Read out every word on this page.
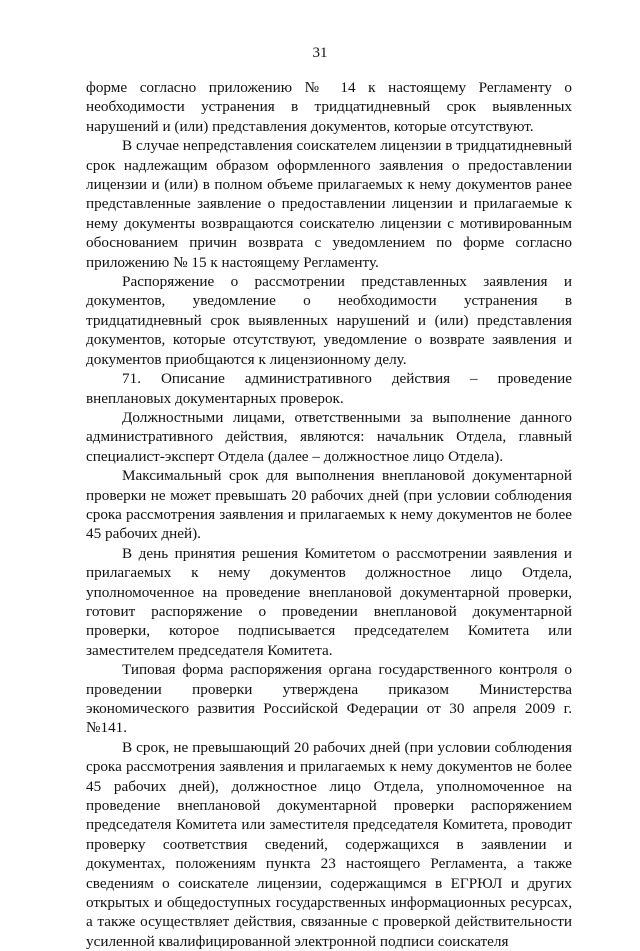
31

форме согласно приложению № 14 к настоящему Регламенту о необходимости устранения в тридцатидневный срок выявленных нарушений и (или) представления документов, которые отсутствуют.

В случае непредставления соискателем лицензии в тридцатидневный срок надлежащим образом оформленного заявления о предоставлении лицензии и (или) в полном объеме прилагаемых к нему документов ранее представленные заявление о предоставлении лицензии и прилагаемые к нему документы возвращаются соискателю лицензии с мотивированным обоснованием причин возврата с уведомлением по форме согласно приложению № 15 к настоящему Регламенту.

Распоряжение о рассмотрении представленных заявления и документов, уведомление о необходимости устранения в тридцатидневный срок выявленных нарушений и (или) представления документов, которые отсутствуют, уведомление о возврате заявления и документов приобщаются к лицензионному делу.

71. Описание административного действия – проведение внеплановых документарных проверок.

Должностными лицами, ответственными за выполнение данного административного действия, являются: начальник Отдела, главный специалист-эксперт Отдела (далее – должностное лицо Отдела).

Максимальный срок для выполнения внеплановой документарной проверки не может превышать 20 рабочих дней (при условии соблюдения срока рассмотрения заявления и прилагаемых к нему документов не более 45 рабочих дней).

В день принятия решения Комитетом о рассмотрении заявления и прилагаемых к нему документов должностное лицо Отдела, уполномоченное на проведение внеплановой документарной проверки, готовит распоряжение о проведении внеплановой документарной проверки, которое подписывается председателем Комитета или заместителем председателя Комитета.

Типовая форма распоряжения органа государственного контроля о проведении проверки утверждена приказом Министерства экономического развития Российской Федерации от 30 апреля 2009 г. №141.

В срок, не превышающий 20 рабочих дней (при условии соблюдения срока рассмотрения заявления и прилагаемых к нему документов не более 45 рабочих дней), должностное лицо Отдела, уполномоченное на проведение внеплановой документарной проверки распоряжением председателя Комитета или заместителя председателя Комитета, проводит проверку соответствия сведений, содержащихся в заявлении и документах, положениям пункта 23 настоящего Регламента, а также сведениям о соискателе лицензии, содержащимся в ЕГРЮЛ и других открытых и общедоступных государственных информационных ресурсах, а также осуществляет действия, связанные с проверкой действительности усиленной квалифицированной электронной подписи соискателя
